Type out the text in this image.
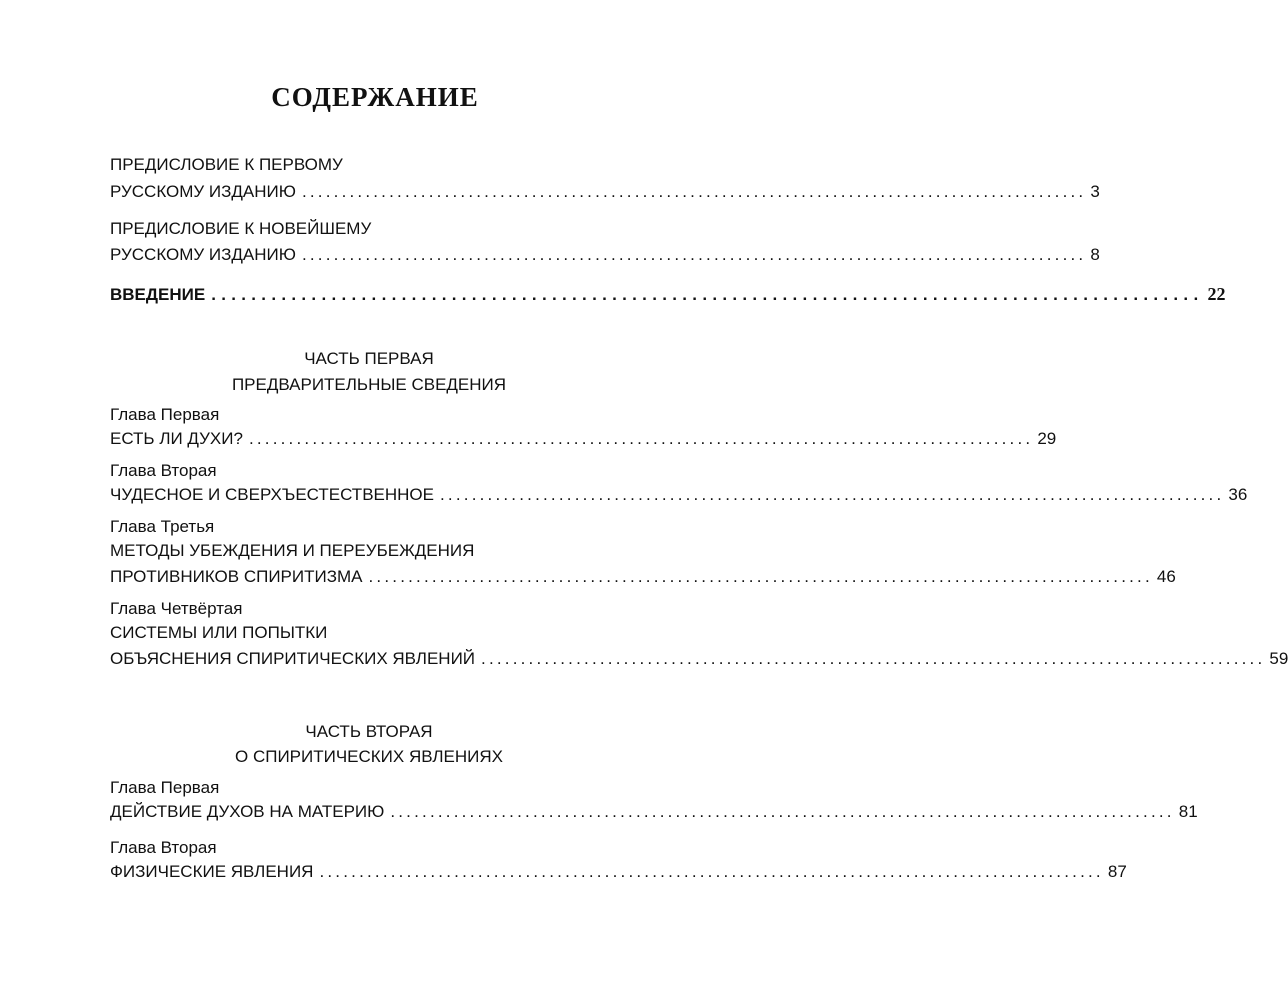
СОДЕРЖАНИЕ
ПРЕДИСЛОВИЕ К ПЕРВОМУ
РУССКОМУ ИЗДАНИЮ ................................................................................................... 3
ПРЕДИСЛОВИЕ К НОВЕЙШЕМУ
РУССКОМУ ИЗДАНИЮ ................................................................................................... 8
ВВЕДЕНИЕ ................................................................................................... 22
ЧАСТЬ ПЕРВАЯ
ПРЕДВАРИТЕЛЬНЫЕ СВЕДЕНИЯ
Глава Первая
ЕСТЬ ЛИ ДУХИ? ................................................................................................... 29
Глава Вторая
ЧУДЕСНОЕ И СВЕРХЪЕСТЕСТВЕННОЕ ................................................................................................... 36
Глава Третья
МЕТОДЫ УБЕЖДЕНИЯ И ПЕРЕУБЕЖДЕНИЯ
ПРОТИВНИКОВ СПИРИТИЗМА ................................................................................................... 46
Глава Четвёртая
СИСТЕМЫ ИЛИ ПОПЫТКИ
ОБЪЯСНЕНИЯ СПИРИТИЧЕСКИХ ЯВЛЕНИЙ ................................................................................................... 59
ЧАСТЬ ВТОРАЯ
О СПИРИТИЧЕСКИХ ЯВЛЕНИЯХ
Глава Первая
ДЕЙСТВИЕ ДУХОВ НА МАТЕРИЮ ................................................................................................... 81
Глава Вторая
ФИЗИЧЕСКИЕ ЯВЛЕНИЯ ................................................................................................... 87
